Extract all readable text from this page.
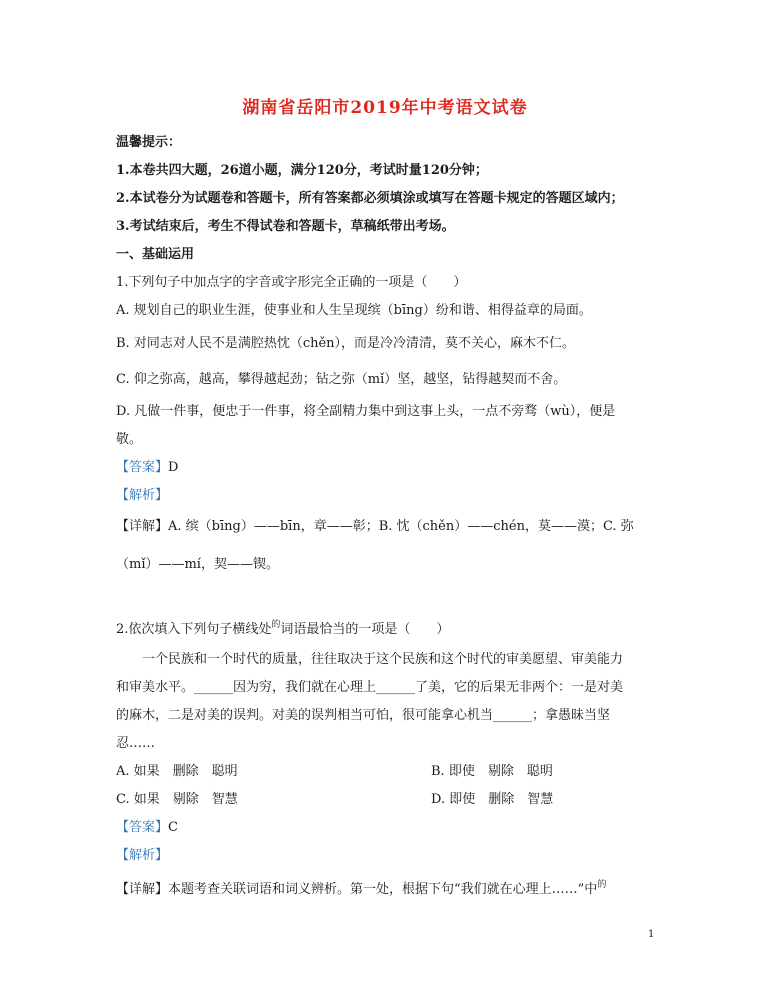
湖南省岳阳市2019年中考语文试卷
温馨提示：
1.本卷共四大题，26道小题，满分120分，考试时量120分钟；
2.本试卷分为试题卷和答题卡，所有答案都必须填涂或填写在答题卡规定的答题区域内；
3.考试结束后，考生不得试卷和答题卡，草稿纸带出考场。
一、基础运用
1.下列句子中加点字的字音或字形完全正确的一项是（　　）
A. 规划自己的职业生涯，使事业和人生呈现缤（bīng）纷和谐、相得益章的局面。
B. 对同志对人民不是满腔热忱（chěn），而是冷冷清清，莫不关心，麻木不仁。
C. 仰之弥高，越高，攀得越起劲；钻之弥（mǐ）坚，越坚，钻得越契而不舍。
D. 凡做一件事，便忠于一件事，将全副精力集中到这事上头，一点不旁骛（wù），便是
敬。
【答案】D
【解析】
【详解】A. 缤（bīng）——bīn，章——彰；B. 忱（chěn）——chén，莫——漠；C. 弥
（mǐ）——mí，契——锲。
2.依次填入下列句子横线处$^的$词语最恰当的一项是（　　）
一个民族和一个时代的质量，往往取决于这个民族和这个时代的审美愿望、审美能力
和审美水平。______因为穷，我们就在心理上______了美，它的后果无非两个：一是对美
的麻木，二是对美的误判。对美的误判相当可怕，很可能拿心机当______；拿愚昧当坚
忍……
A. 如果　删除　聪明	B. 即使　剔除　聪明
C. 如果　剔除　智慧	D. 即使　删除　智慧
【答案】C
【解析】
【详解】本题考查关联词语和词义辨析。第一处，根据下句“我们就在心理上……”中$^的$
1
